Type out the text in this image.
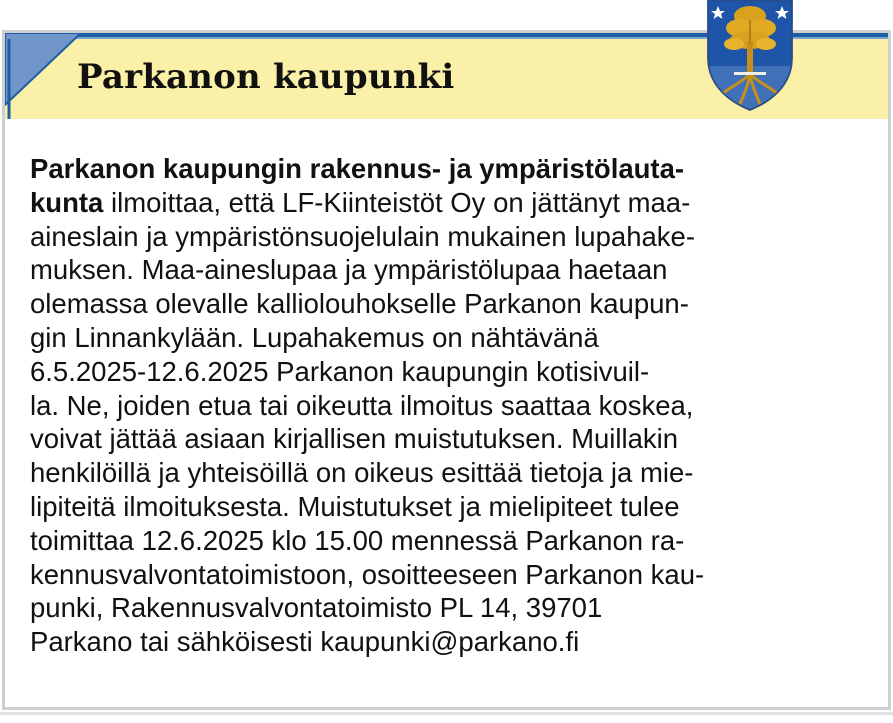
Parkanon kaupunki

Parkanon kaupungin rakennus- ja ympäristölauta-
kunta ilmoittaa, että LF-Kiinteistöt Oy on jättänyt maa-
aineslain ja ympäristönsuojelulain mukainen lupahake-
muksen. Maa-aineslupaa ja ympäristölupaa haetaan
olemassa olevalle kalliolouhokselle Parkanon kaupun-
gin Linnankylään. Lupahakemus on nähtävänä
6.5.2025-12.6.2025 Parkanon kaupungin kotisivuil-
la. Ne, joiden etua tai oikeutta ilmoitus saattaa koskea,
voivat jättää asiaan kirjallisen muistutuksen. Muillakin
henkilöillä ja yhteisöillä on oikeus esittää tietoja ja mie-
lipiteitä ilmoituksesta. Muistutukset ja mielipiteet tulee
toimittaa 12.6.2025 klo 15.00 mennessä Parkanon ra-
kennusvalvontatoimistoon, osoitteeseen Parkanon kau-
punki, Rakennusvalvontatoimisto PL 14, 39701
Parkano tai sähköisesti kaupunki@parkano.fi
